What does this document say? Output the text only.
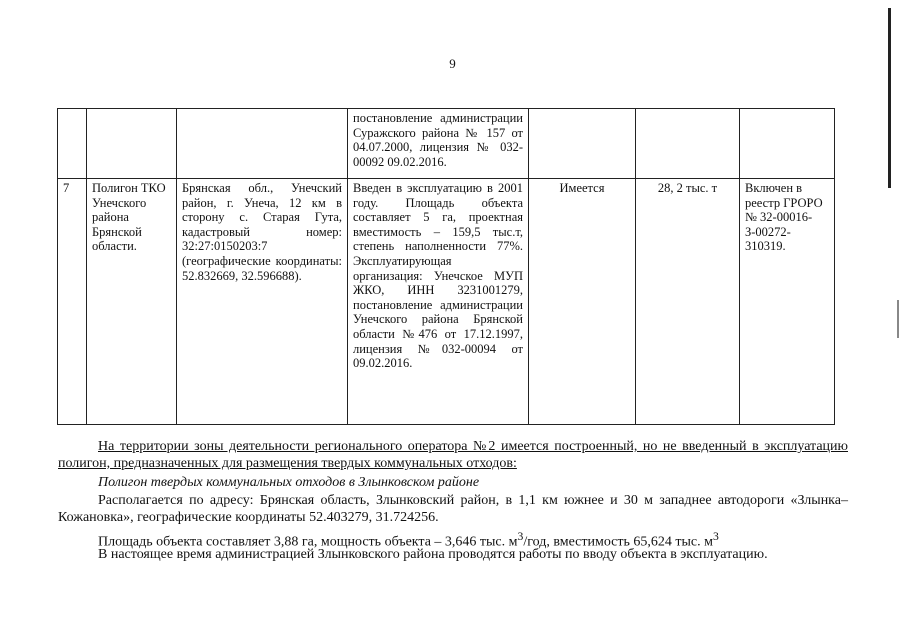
9
			постановление администрации Суражского района № 157 от 04.07.2000, лицензия № 032-00092 09.02.2016.			
7	Полигон ТКО Унечского района Брянской области.	Брянская обл., Унечский район, г. Унеча, 12 км в сторону с. Старая Гута, кадастровый номер: 32:27:0150203:7 (географические координаты: 52.832669, 32.596688).	Введен в эксплуатацию в 2001 году. Площадь объекта составляет 5 га, проектная вместимость – 159,5 тыс.т, степень наполненности 77%. Эксплуатирующая организация: Унечское МУП ЖКО, ИНН 3231001279, постановление администрации Унечского района Брянской области №476 от 17.12.1997, лицензия №032-00094 от 09.02.2016.	Имеется	28, 2 тыс. т	Включен в реестр ГРОРО № 32-00016-З-00272-310319.
На территории зоны деятельности регионального оператора №2 имеется построенный, но не введенный в эксплуатацию полигон, предназначенных для размещения твердых коммунальных отходов:
Полигон твердых коммунальных отходов в Злынковском районе
Располагается по адресу: Брянская область, Злынковский район, в 1,1 км южнее и 30 м западнее автодороги «Злынка–Кожановка», географические координаты 52.403279, 31.724256.
Площадь объекта составляет 3,88 га, мощность объекта – 3,646 тыс. $м^3$/год, вместимость 65,624 тыс. $м^3$
В настоящее время администрацией Злынковского района проводятся работы по вводу объекта в эксплуатацию.
